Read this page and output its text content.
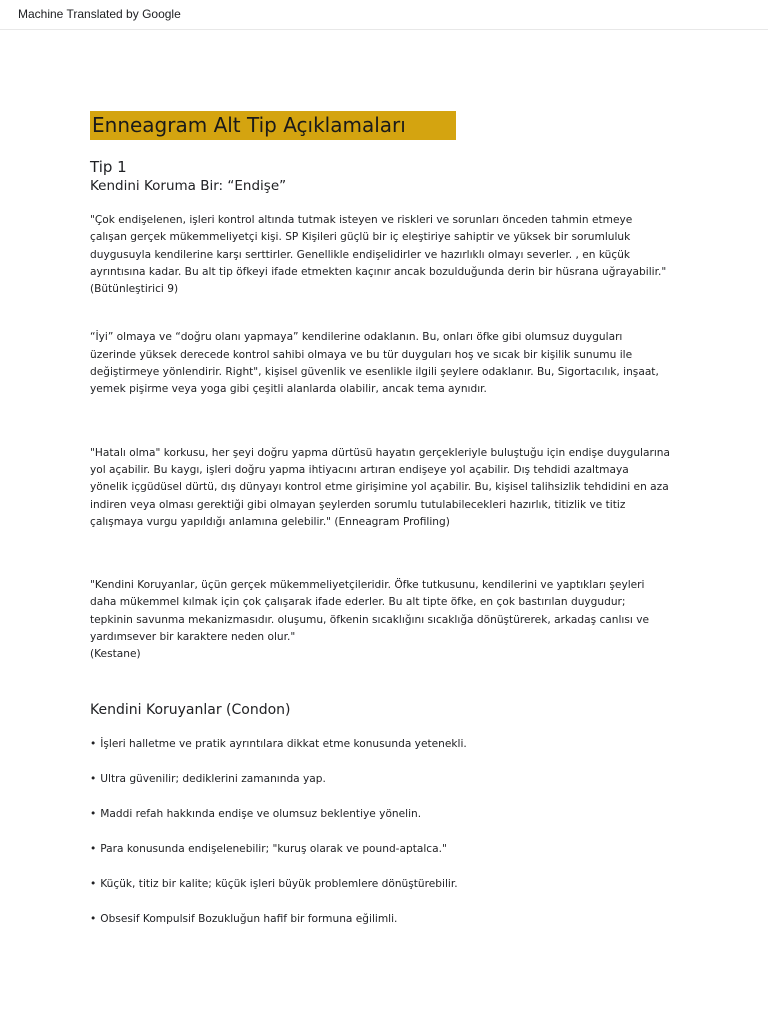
Machine Translated by Google
Enneagram Alt Tip Açıklamaları
Tip 1
Kendini Koruma Bir: “Endişe”

"Çok endişelenen, işleri kontrol altında tutmak isteyen ve riskleri ve sorunları önceden tahmin etmeye çalışan gerçek mükemmeliyetçi kişi. SP Kişileri güçlü bir iç eleştiriye sahiptir ve yüksek bir sorumluluk duygusuyla kendilerine karşı serttirler. Genellikle endişelidirler ve hazırlıklı olmayı severler. , en küçük ayrıntısına kadar. Bu alt tip öfkeyi ifade etmekten kaçınır ancak bozulduğunda derin bir hüsrana uğrayabilir." (Bütünleştirici 9)

“İyi” olmaya ve “doğru olanı yapmaya” kendilerine odaklanın. Bu, onları öfke gibi olumsuz duyguları üzerinde yüksek derecede kontrol sahibi olmaya ve bu tür duyguları hoş ve sıcak bir kişilik sunumu ile değiştirmeye yönlendirir. Right", kişisel güvenlik ve esenlikle ilgili şeylere odaklanır. Bu, Sigortacılık, inşaat, yemek pişirme veya yoga gibi çeşitli alanlarda olabilir, ancak tema aynıdır.

"Hatalı olma" korkusu, her şeyi doğru yapma dürtüsü hayatın gerçekleriyle buluştuğu için endişe duygularına yol açabilir. Bu kaygı, işleri doğru yapma ihtiyacını artıran endişeye yol açabilir. Dış tehdidi azaltmaya yönelik içgüdüsel dürtü, dış dünyayı kontrol etme girişimine yol açabilir. Bu, kişisel talihsizlik tehdidini en aza indiren veya olması gerektiği gibi olmayan şeylerden sorumlu tutulabilecekleri hazırlık, titizlik ve titiz çalışmaya vurgu yapıldığı anlamına gelebilir." (Enneagram Profiling)

"Kendini Koruyanlar, üçün gerçek mükemmeliyetçileridir. Öfke tutkusunu, kendilerini ve yaptıkları şeyleri daha mükemmel kılmak için çok çalışarak ifade ederler. Bu alt tipte öfke, en çok bastırılan duygudur; tepkinin savunma mekanizmasıdır. oluşumu, öfkenin sıcaklığını sıcaklığa dönüştürerek, arkadaş canlısı ve yardımsever bir karaktere neden olur."
(Kestane)

Kendini Koruyanlar (Condon)
• İşleri halletme ve pratik ayrıntılara dikkat etme konusunda yetenekli.
• Ultra güvenilir; dediklerini zamanında yap.
• Maddi refah hakkında endişe ve olumsuz beklentiye yönelin.
• Para konusunda endişelenebilir; "kuruş olarak ve pound-aptalca."
• Küçük, titiz bir kalite; küçük işleri büyük problemlere dönüştürebilir.
• Obsesif Kompulsif Bozukluğun hafif bir formuna eğilimli.
